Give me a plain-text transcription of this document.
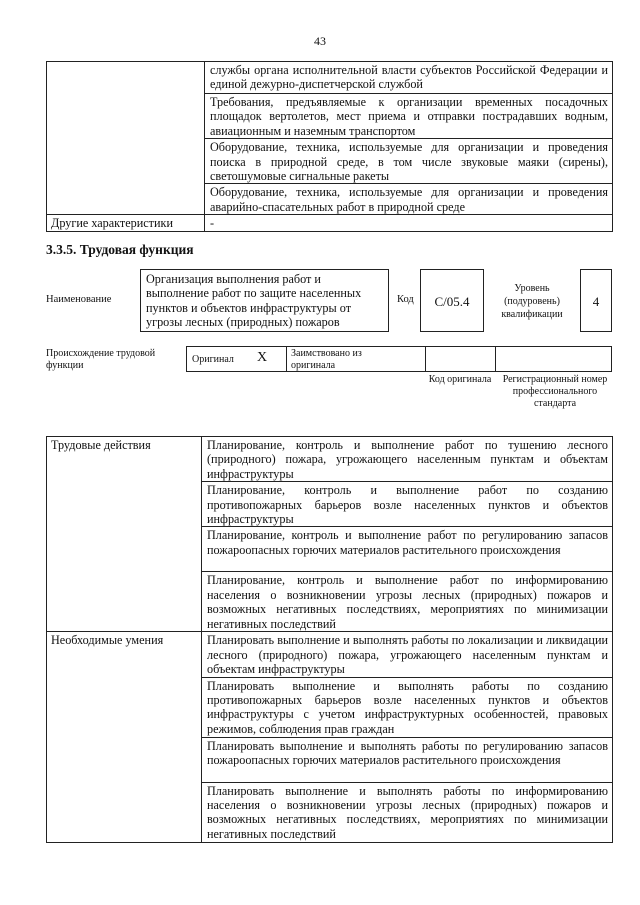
43
	службы органа исполнительной власти субъектов Российской Федерации и единой дежурно-диспетчерской службой
	Требования, предъявляемые к организации временных посадочных площадок вертолетов, мест приема и отправки пострадавших водным, авиационным и наземным транспортом
	Оборудование, техника, используемые для организации и проведения поиска в природной среде, в том числе звуковые маяки (сирены), светошумовые сигнальные ракеты
	Оборудование, техника, используемые для организации и проведения аварийно-спасательных работ в природной среде
Другие характеристики	-
3.3.5. Трудовая функция
Наименование
Организация выполнения работ и выполнение работ по защите населенных пунктов и объектов инфраструктуры от угрозы лесных (природных) пожаров
Код	C/05.4
Уровень (подуровень) квалификации
4
Происхождение трудовой функции
Оригинал X Заимствовано из оригинала
Код оригинала Регистрационный номер профессионального стандарта
Трудовые действия	Планирование, контроль и выполнение работ по тушению лесного (природного) пожара, угрожающего населенным пунктам и объектам инфраструктуры
	Планирование, контроль и выполнение работ по созданию противопожарных барьеров возле населенных пунктов и объектов инфраструктуры
	Планирование, контроль и выполнение работ по регулированию запасов пожароопасных горючих материалов растительного происхождения
	Планирование, контроль и выполнение работ по информированию населения о возникновении угрозы лесных (природных) пожаров и возможных негативных последствиях, мероприятиях по минимизации негативных последствий
Необходимые умения	Планировать выполнение и выполнять работы по локализации и ликвидации лесного (природного) пожара, угрожающего населенным пунктам и объектам инфраструктуры
	Планировать выполнение и выполнять работы по созданию противопожарных барьеров возле населенных пунктов и объектов инфраструктуры с учетом инфраструктурных особенностей, правовых режимов, соблюдения прав граждан
	Планировать выполнение и выполнять работы по регулированию запасов пожароопасных горючих материалов растительного происхождения
	Планировать выполнение и выполнять работы по информированию населения о возникновении угрозы лесных (природных) пожаров и возможных негативных последствиях, мероприятиях по минимизации негативных последствий
